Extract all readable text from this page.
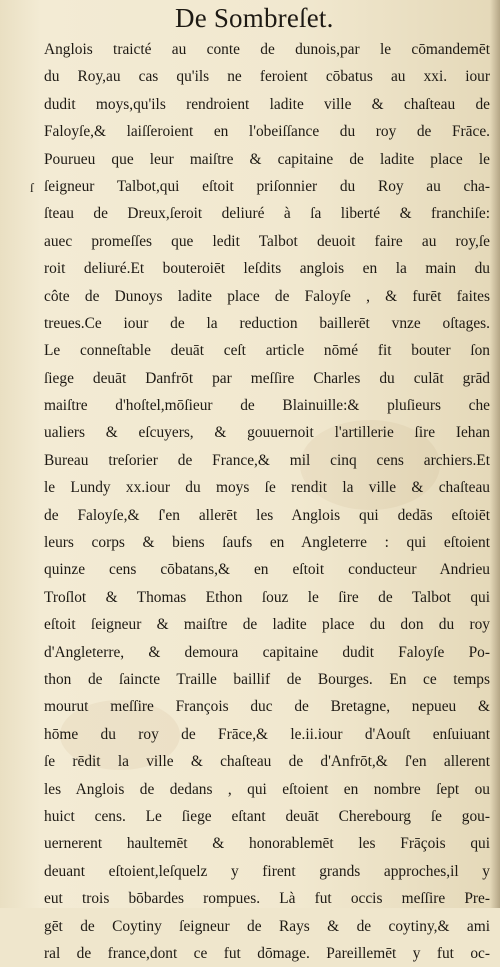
De Sombreſet.
ſ
Anglois traicté au conte de dunois,par le cōmandemēt
du Roy,au cas qu'ils ne feroient cōbatus au xxi. iour
dudit moys,qu'ils rendroient ladite ville & chaſteau de
Faloyſe,& laiſſeroient en l'obeiſſance du roy de Frāce.
Pourueu que leur maiſtre & capitaine de ladite place le
ſeigneur Talbot,qui eſtoit priſonnier du Roy au cha-
ſteau de Dreux,ſeroit deliuré à ſa liberté & franchiſe:
auec promeſſes que ledit Talbot deuoit faire au roy,ſe
roit deliuré.Et bouteroiēt leſdits anglois en la main du
côte de Dunoys ladite place de Faloyſe , & furēt faites
treues.Ce iour de la reduction baillerēt vnze oſtages.
Le conneſtable deuāt ceſt article nōmé fit bouter ſon
ſiege deuāt Danfrōt par meſſire Charles du culāt grād
maiſtre d'hoſtel,mōſieur de Blainuille:& pluſieurs che
ualiers & eſcuyers, & gouuernoit l'artillerie ſire Iehan
Bureau treſorier de France,& mil cinq cens archiers.Et
le Lundy xx.iour du moys ſe rendit la ville & chaſteau
de Faloyſe,& ſ'en allerēt les Anglois qui dedās eſtoiēt
leurs corps & biens ſaufs en Angleterre : qui eſtoient
quinze cens cōbatans,& en eſtoit conducteur Andrieu
Troſlot & Thomas Ethon ſouz le ſire de Talbot qui
eſtoit ſeigneur & maiſtre de ladite place du don du roy
d'Angleterre, & demoura capitaine dudit Faloyſe Po-
thon de ſaincte Traille baillif de Bourges. En ce temps
mourut meſſire François duc de Bretagne, nepueu &
hōme du roy de Frāce,& le.ii.iour d'Aouſt enſuiuant
ſe rēdit la ville & chaſteau de d'Anfrōt,& ſ'en allerent
les Anglois de dedans , qui eſtoient en nombre ſept ou
huict cens. Le ſiege eſtant deuāt Cherebourg ſe gou-
uernerent haultemēt & honorablemēt les Frāçois qui
deuant eſtoient,leſquelz y firent grands approches,il y
eut trois bōbardes rompues. Là fut occis meſſire Pre-
gēt de Coytiny ſeigneur de Rays & de coytiny,& ami
ral de france,dont ce fut dōmage. Pareillemēt y fut oc-
